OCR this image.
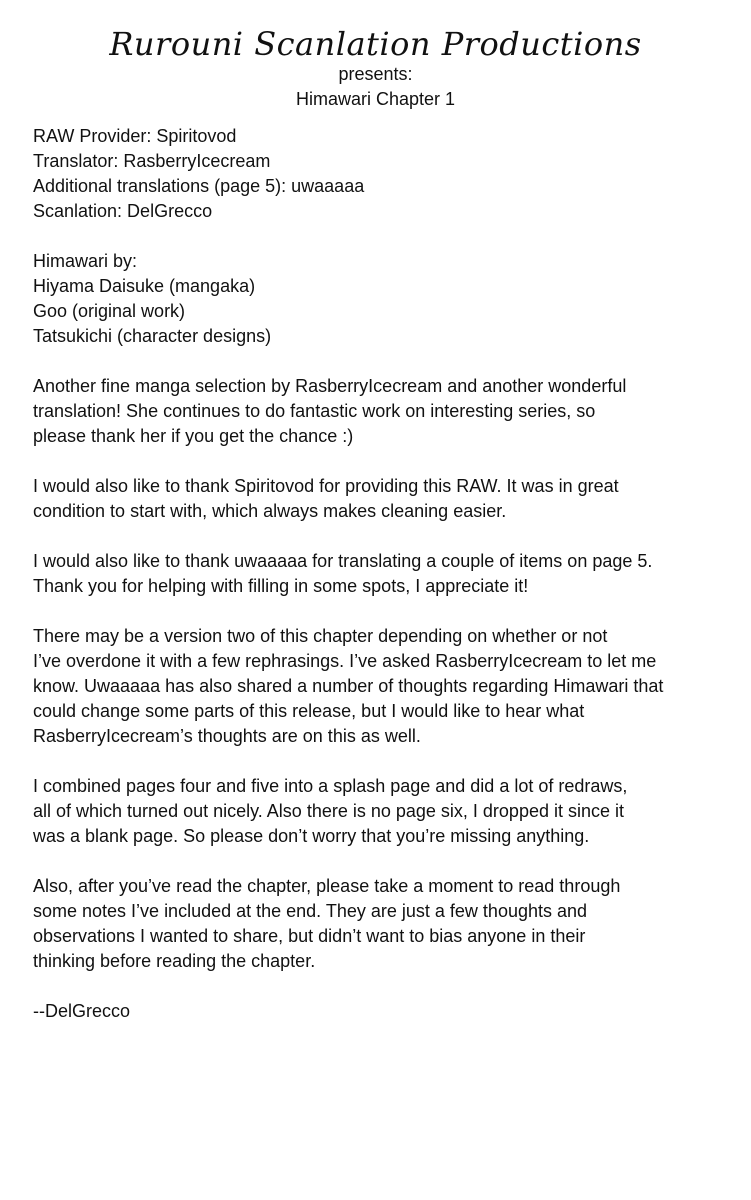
Rurouni Scanlation Productions

presents:

Himawari Chapter 1

RAW Provider: Spiritovod
Translator: RasberryIcecream
Additional translations (page 5): uwaaaaa
Scanlation: DelGrecco
Himawari by:
Hiyama Daisuke (mangaka)
Goo (original work)
Tatsukichi (character designs)
Another fine manga selection by RasberryIcecream and another wonderful
translation! She continues to do fantastic work on interesting series, so
please thank her if you get the chance :)
I would also like to thank Spiritovod for providing this RAW. It was in great
condition to start with, which always makes cleaning easier.
I would also like to thank uwaaaaa for translating a couple of items on page 5.
Thank you for helping with filling in some spots, I appreciate it!
There may be a version two of this chapter depending on whether or not
I’ve overdone it with a few rephrasings. I’ve asked RasberryIcecream to let me
know. Uwaaaaa has also shared a number of thoughts regarding Himawari that
could change some parts of this release, but I would like to hear what
RasberryIcecream’s thoughts are on this as well.
I combined pages four and five into a splash page and did a lot of redraws,
all of which turned out nicely. Also there is no page six, I dropped it since it
was a blank page. So please don’t worry that you’re missing anything.
Also, after you’ve read the chapter, please take a moment to read through
some notes I’ve included at the end. They are just a few thoughts and
observations I wanted to share, but didn’t want to bias anyone in their
thinking before reading the chapter.
--DelGrecco
